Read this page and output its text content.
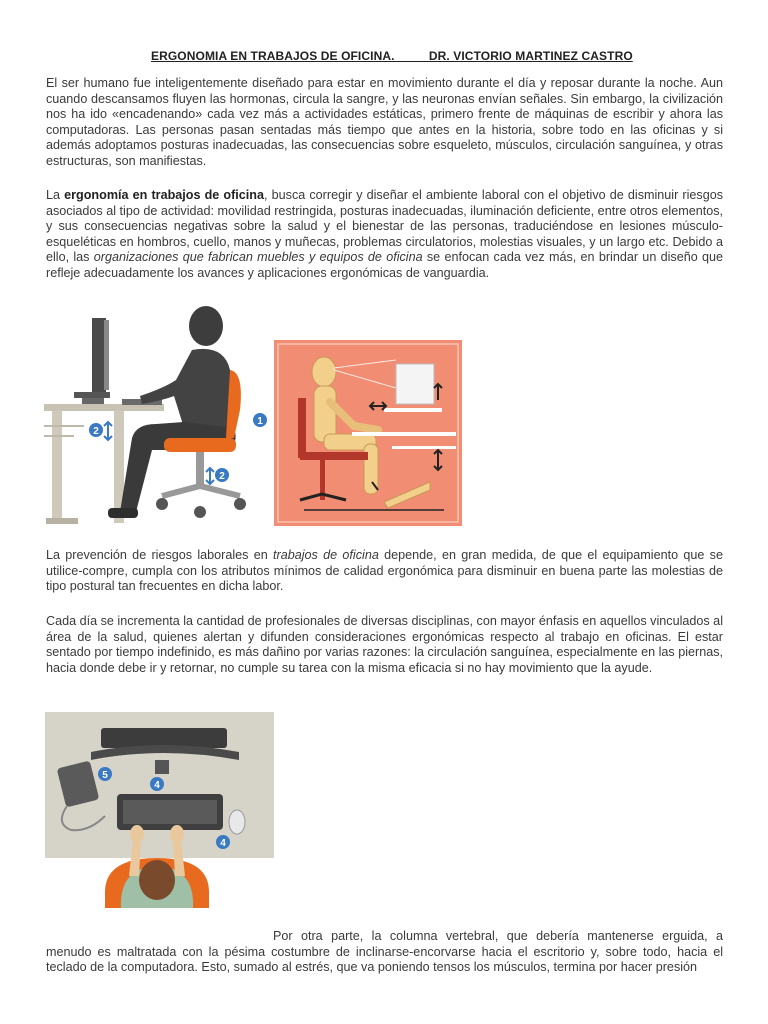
ERGONOMIA EN TRABAJOS DE OFICINA.          DR. VICTORIO MARTINEZ CASTRO

El ser humano fue inteligentemente diseñado para estar en movimiento durante el día y reposar durante la noche. Aun cuando descansamos fluyen las hormonas, circula la sangre, y las neuronas envían señales. Sin embargo, la civilización nos ha ido «encadenando» cada vez más a actividades estáticas, primero frente de máquinas de escribir y ahora las computadoras. Las personas pasan sentadas más tiempo que antes en la historia, sobre todo en las oficinas y si además adoptamos posturas inadecuadas, las consecuencias sobre esqueleto, músculos, circulación sanguínea, y otras estructuras, son manifiestas.

La ergonomía en trabajos de oficina, busca corregir y diseñar el ambiente laboral con el objetivo de disminuir riesgos asociados al tipo de actividad: movilidad restringida, posturas inadecuadas, iluminación deficiente, entre otros elementos, y sus consecuencias negativas sobre la salud y el bienestar de las personas, traduciéndose en lesiones músculo-esqueléticas en hombros, cuello, manos y muñecas, problemas circulatorios, molestias visuales, y un largo etc. Debido a ello, las organizaciones que fabrican muebles y equipos de oficina se enfocan cada vez más, en brindar un diseño que refleje adecuadamente los avances y aplicaciones ergonómicas de vanguardia.

1
2
2

La prevención de riesgos laborales en trabajos de oficina depende, en gran medida, de que el equipamiento que se utilice-compre, cumpla con los atributos mínimos de calidad ergonómica para disminuir en buena parte las molestias de tipo postural tan frecuentes en dicha labor.

Cada día se incrementa la cantidad de profesionales de diversas disciplinas, con mayor énfasis en aquellos vinculados al área de la salud, quienes alertan y difunden consideraciones ergonómicas respecto al trabajo en oficinas. El estar sentado por tiempo indefinido, es más dañino por varias razones: la circulación sanguínea, especialmente en las piernas, hacia donde debe ir y retornar, no cumple su tarea con la misma eficacia si no hay movimiento que la ayude.

5
4
4

Por otra parte, la columna vertebral, que debería mantenerse erguida, a menudo es maltratada con la pésima costumbre de inclinarse-encorvarse hacia el escritorio y, sobre todo, hacia el teclado de la computadora. Esto, sumado al estrés, que va poniendo tensos los músculos, termina por hacer presión
